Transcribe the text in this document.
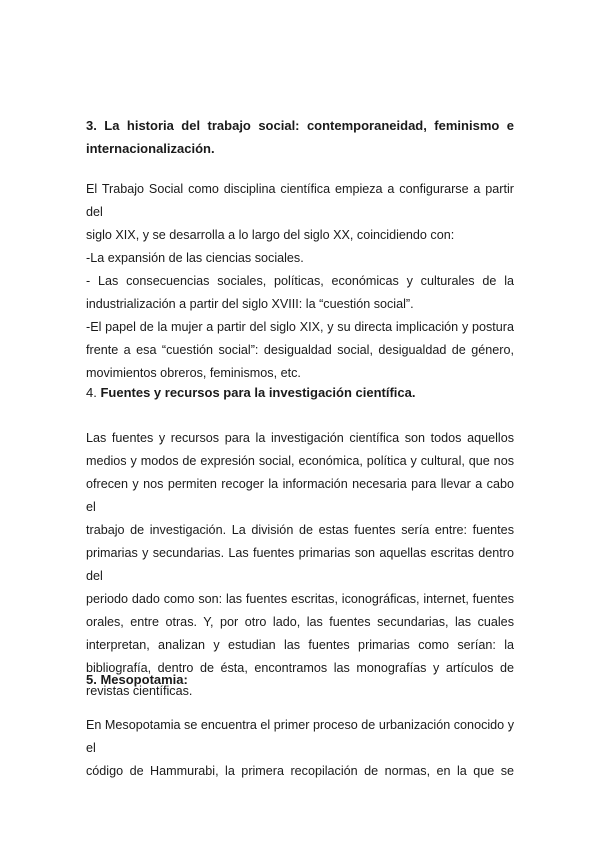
3. La historia del trabajo social: contemporaneidad, feminismo e
internacionalización.
El Trabajo Social como disciplina científica empieza a configurarse a partir del
siglo XIX, y se desarrolla a lo largo del siglo XX, coincidiendo con:
-La expansión de las ciencias sociales.
- Las consecuencias sociales, políticas, económicas y culturales de la
industrialización a partir del siglo XVIII: la “cuestión social”.
-El papel de la mujer a partir del siglo XIX, y su directa implicación y postura
frente a esa “cuestión social”: desigualdad social, desigualdad de género,
movimientos obreros, feminismos, etc.
4. Fuentes y recursos para la investigación científica.
Las fuentes y recursos para la investigación científica son todos aquellos
medios y modos de expresión social, económica, política y cultural, que nos
ofrecen y nos permiten recoger la información necesaria para llevar a cabo el
trabajo de investigación. La división de estas fuentes sería entre: fuentes
primarias y secundarias. Las fuentes primarias son aquellas escritas dentro del
periodo dado como son: las fuentes escritas, iconográficas, internet, fuentes
orales, entre otras. Y, por otro lado, las fuentes secundarias, las cuales
interpretan, analizan y estudian las fuentes primarias como serían: la
bibliografía, dentro de ésta, encontramos las monografías y artículos de
revistas científicas.
5. Mesopotamia:
En Mesopotamia se encuentra el primer proceso de urbanización conocido y el
código de Hammurabi, la primera recopilación de normas, en la que se
